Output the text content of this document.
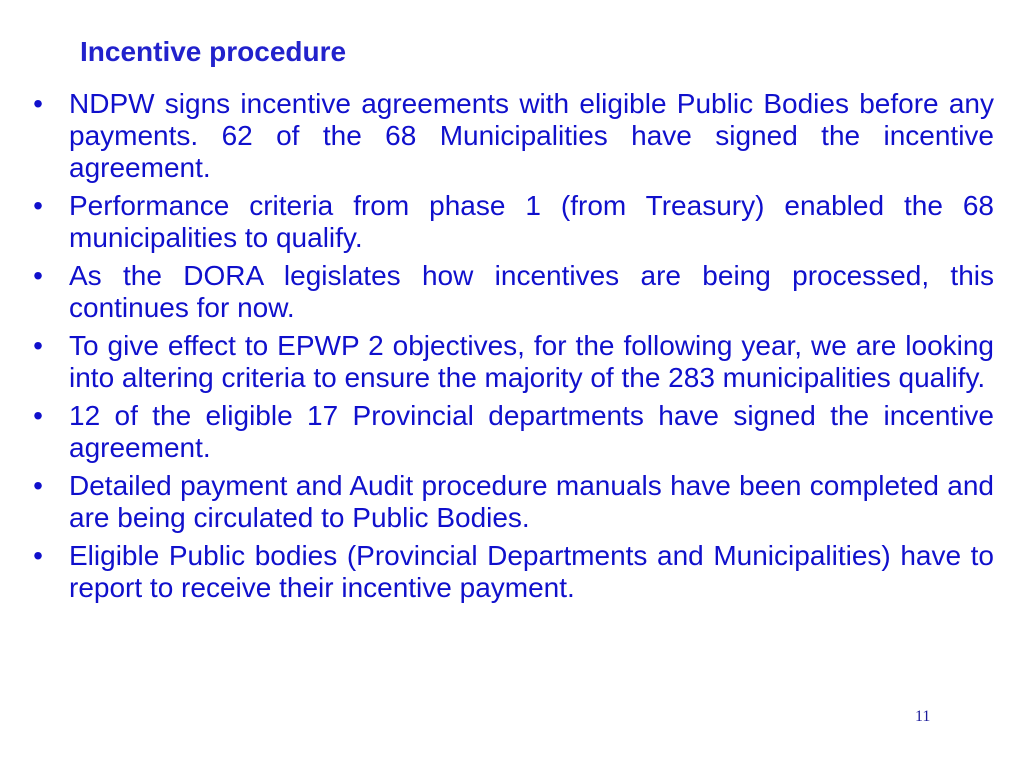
Incentive procedure
• NDPW signs incentive agreements with eligible Public Bodies before any payments. 62 of the 68 Municipalities have signed the incentive agreement.
• Performance criteria from phase 1 (from Treasury) enabled the 68 municipalities to qualify.
• As the DORA legislates how incentives are being processed, this continues for now.
• To give effect to EPWP 2 objectives, for the following year, we are looking into altering criteria to ensure the majority of the 283 municipalities qualify.
• 12 of the eligible 17 Provincial departments have signed the incentive agreement.
• Detailed payment and Audit procedure manuals have been completed and are being circulated to Public Bodies.
• Eligible Public bodies (Provincial Departments and Municipalities) have to report to receive their incentive payment.
11
